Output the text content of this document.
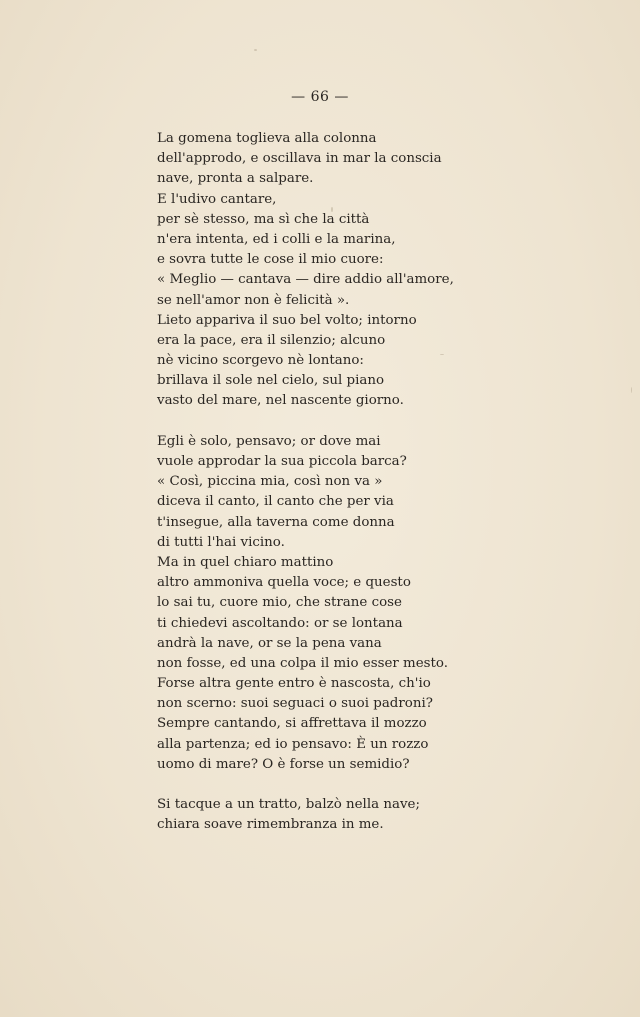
— 66 —

La gomena toglieva alla colonna
dell'approdo, e oscillava in mar la conscia
nave, pronta a salpare.
E l'udivo cantare,
per sè stesso, ma sì che la città
n'era intenta, ed i colli e la marina,
e sovra tutte le cose il mio cuore:
« Meglio — cantava — dire addio all'amore,
se nell'amor non è felicità ».
Lieto appariva il suo bel volto; intorno
era la pace, era il silenzio; alcuno
nè vicino scorgevo nè lontano:
brillava il sole nel cielo, sul piano
vasto del mare, nel nascente giorno.

Egli è solo, pensavo; or dove mai
vuole approdar la sua piccola barca?
« Così, piccina mia, così non va »
diceva il canto, il canto che per via
t'insegue, alla taverna come donna
di tutti l'hai vicino.
Ma in quel chiaro mattino
altro ammoniva quella voce; e questo
lo sai tu, cuore mio, che strane cose
ti chiedevi ascoltando: or se lontana
andrà la nave, or se la pena vana
non fosse, ed una colpa il mio esser mesto.
Forse altra gente entro è nascosta, ch'io
non scerno: suoi seguaci o suoi padroni?
Sempre cantando, si affrettava il mozzo
alla partenza; ed io pensavo: È un rozzo
uomo di mare? O è forse un semidio?

Si tacque a un tratto, balzò nella nave;
chiara soave rimembranza in me.
